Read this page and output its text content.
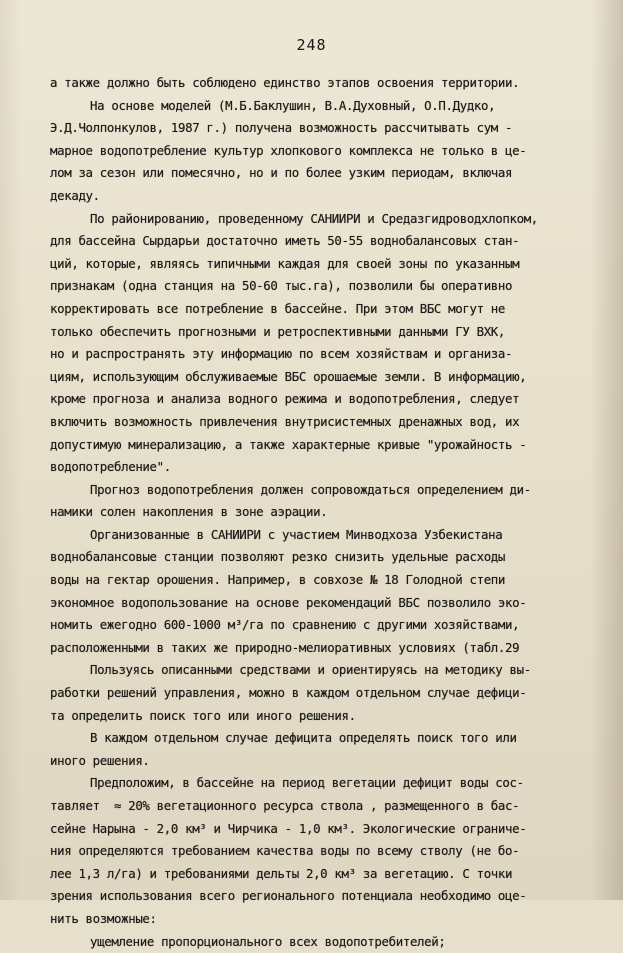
248
а также должно быть соблюдено единство этапов освоения территории.
На основе моделей (М.Б.Баклушин, В.А.Духовный, О.П.Дудко,
Э.Д.Чолпонкулов, 1987 г.) получена возможность рассчитывать сум -
марное водопотребление культур хлопкового комплекса не только в це-
лом за сезон или помесячно, но и по более узким периодам, включая
декаду.
По районированию, проведенному САНИИРИ и Средазгидроводхлопком,
для бассейна Сырдарьи достаточно иметь 50-55 воднобалансовых стан-
ций, которые, являясь типичными каждая для своей зоны по указанным
признакам (одна станция на 50-60 тыс.га), позволили бы оперативно
корректировать все потребление в бассейне. При этом ВБС могут не
только обеспечить прогнозными и ретроспективными данными ГУ ВХК,
но и распространять эту информацию по всем хозяйствам и организа-
циям, использующим обслуживаемые ВБС орошаемые земли. В информацию,
кроме прогноза и анализа водного режима и водопотребления, следует
включить возможность привлечения внутрисистемных дренажных вод, их
допустимую минерализацию, а также характерные кривые "урожайность -
водопотребление".
Прогноз водопотребления должен сопровождаться определением ди-
намики солен накопления в зоне аэрации.
Организованные в САНИИРИ с участием Минводхоза Узбекистана
воднобалансовые станции позволяют резко снизить удельные расходы
воды на гектар орошения. Например, в совхозе № 18 Голодной степи
экономное водопользование на основе рекомендаций ВБС позволило эко-
номить ежегодно 600-1000 м³/га по сравнению с другими хозяйствами,
расположенными в таких же природно-мелиоративных условиях (табл.29
Пользуясь описанными средствами и ориентируясь на методику вы-
работки решений управления, можно в каждом отдельном случае дефици-
та определить поиск того или иного решения.
В каждом отдельном случае дефицита определять поиск того или
иного решения.
Предположим, в бассейне на период вегетации дефицит воды сос-
тавляет  ≈ 20% вегетационного ресурса ствола , размещенного в бас-
сейне Нарына - 2,0 км³ и Чирчика - 1,0 км³. Экологические ограниче-
ния определяются требованием качества воды по всему стволу (не бо-
лее 1,3 л/га) и требованиями дельты 2,0 км³ за вегетацию. С точки
зрения использования всего регионального потенциала необходимо оце-
нить возможные:
ущемление пропорционального всех водопотребителей;
